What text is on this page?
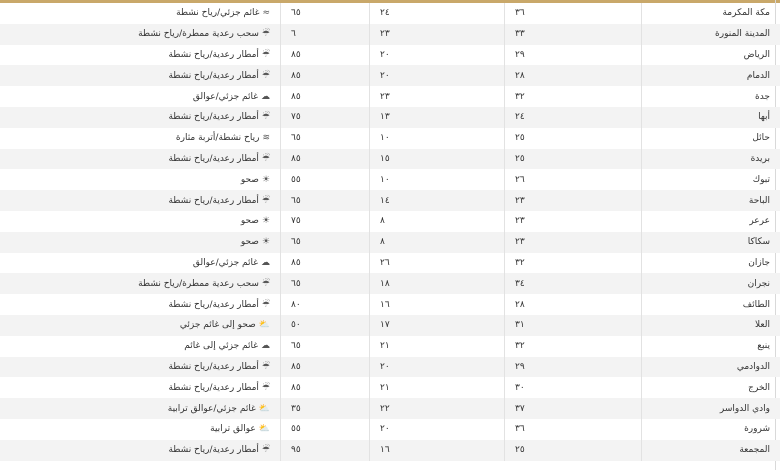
مكة المكرمة	٣٦	٢٤	٦٥	≈غائم جزئي/رياح نشطة
المدينة المنورة	٣٣	٢٣	٦	☔سحب رعدية ممطرة/رياح نشطة
الرياض	٢٩	٢٠	٨٥	☔أمطار رعدية/رياح نشطة
الدمام	٢٨	٢٠	٨٥	☔أمطار رعدية/رياح نشطة
جدة	٣٢	٢٣	٨٥	☁غائم جزئي/عوالق
أبها	٢٤	١٣	٧٥	☔أمطار رعدية/رياح نشطة
حائل	٢٥	١٠	٦٥	≋رياح نشطة/أتربة مثارة
بريدة	٢٥	١٥	٨٥	☔أمطار رعدية/رياح نشطة
تبوك	٢٦	١٠	٥٥	☀صحو
الباحة	٢٣	١٤	٦٥	☔أمطار رعدية/رياح نشطة
عرعر	٢٣	٨	٧٥	☀صحو
سكاكا	٢٣	٨	٦٥	☀صحو
جازان	٣٢	٢٦	٨٥	☁غائم جزئي/عوالق
نجران	٣٤	١٨	٦٥	☔سحب رعدية ممطرة/رياح نشطة
الطائف	٢٨	١٦	٨٠	☔أمطار رعدية/رياح نشطة
العلا	٣١	١٧	٥٠	⛅صحو إلى غائم جزئي
ينبع	٣٢	٢١	٦٥	☁غائم جزئي إلى غائم
الدوادمي	٢٩	٢٠	٨٥	☔أمطار رعدية/رياح نشطة
الخرج	٣٠	٢١	٨٥	☔أمطار رعدية/رياح نشطة
وادي الدواسر	٣٧	٢٢	٣٥	⛅غائم جزئي/عوالق ترابية
شرورة	٣٦	٢٠	٥٥	⛅عوالق ترابية
المجمعة	٢٥	١٦	٩٥	☔أمطار رعدية/رياح نشطة
